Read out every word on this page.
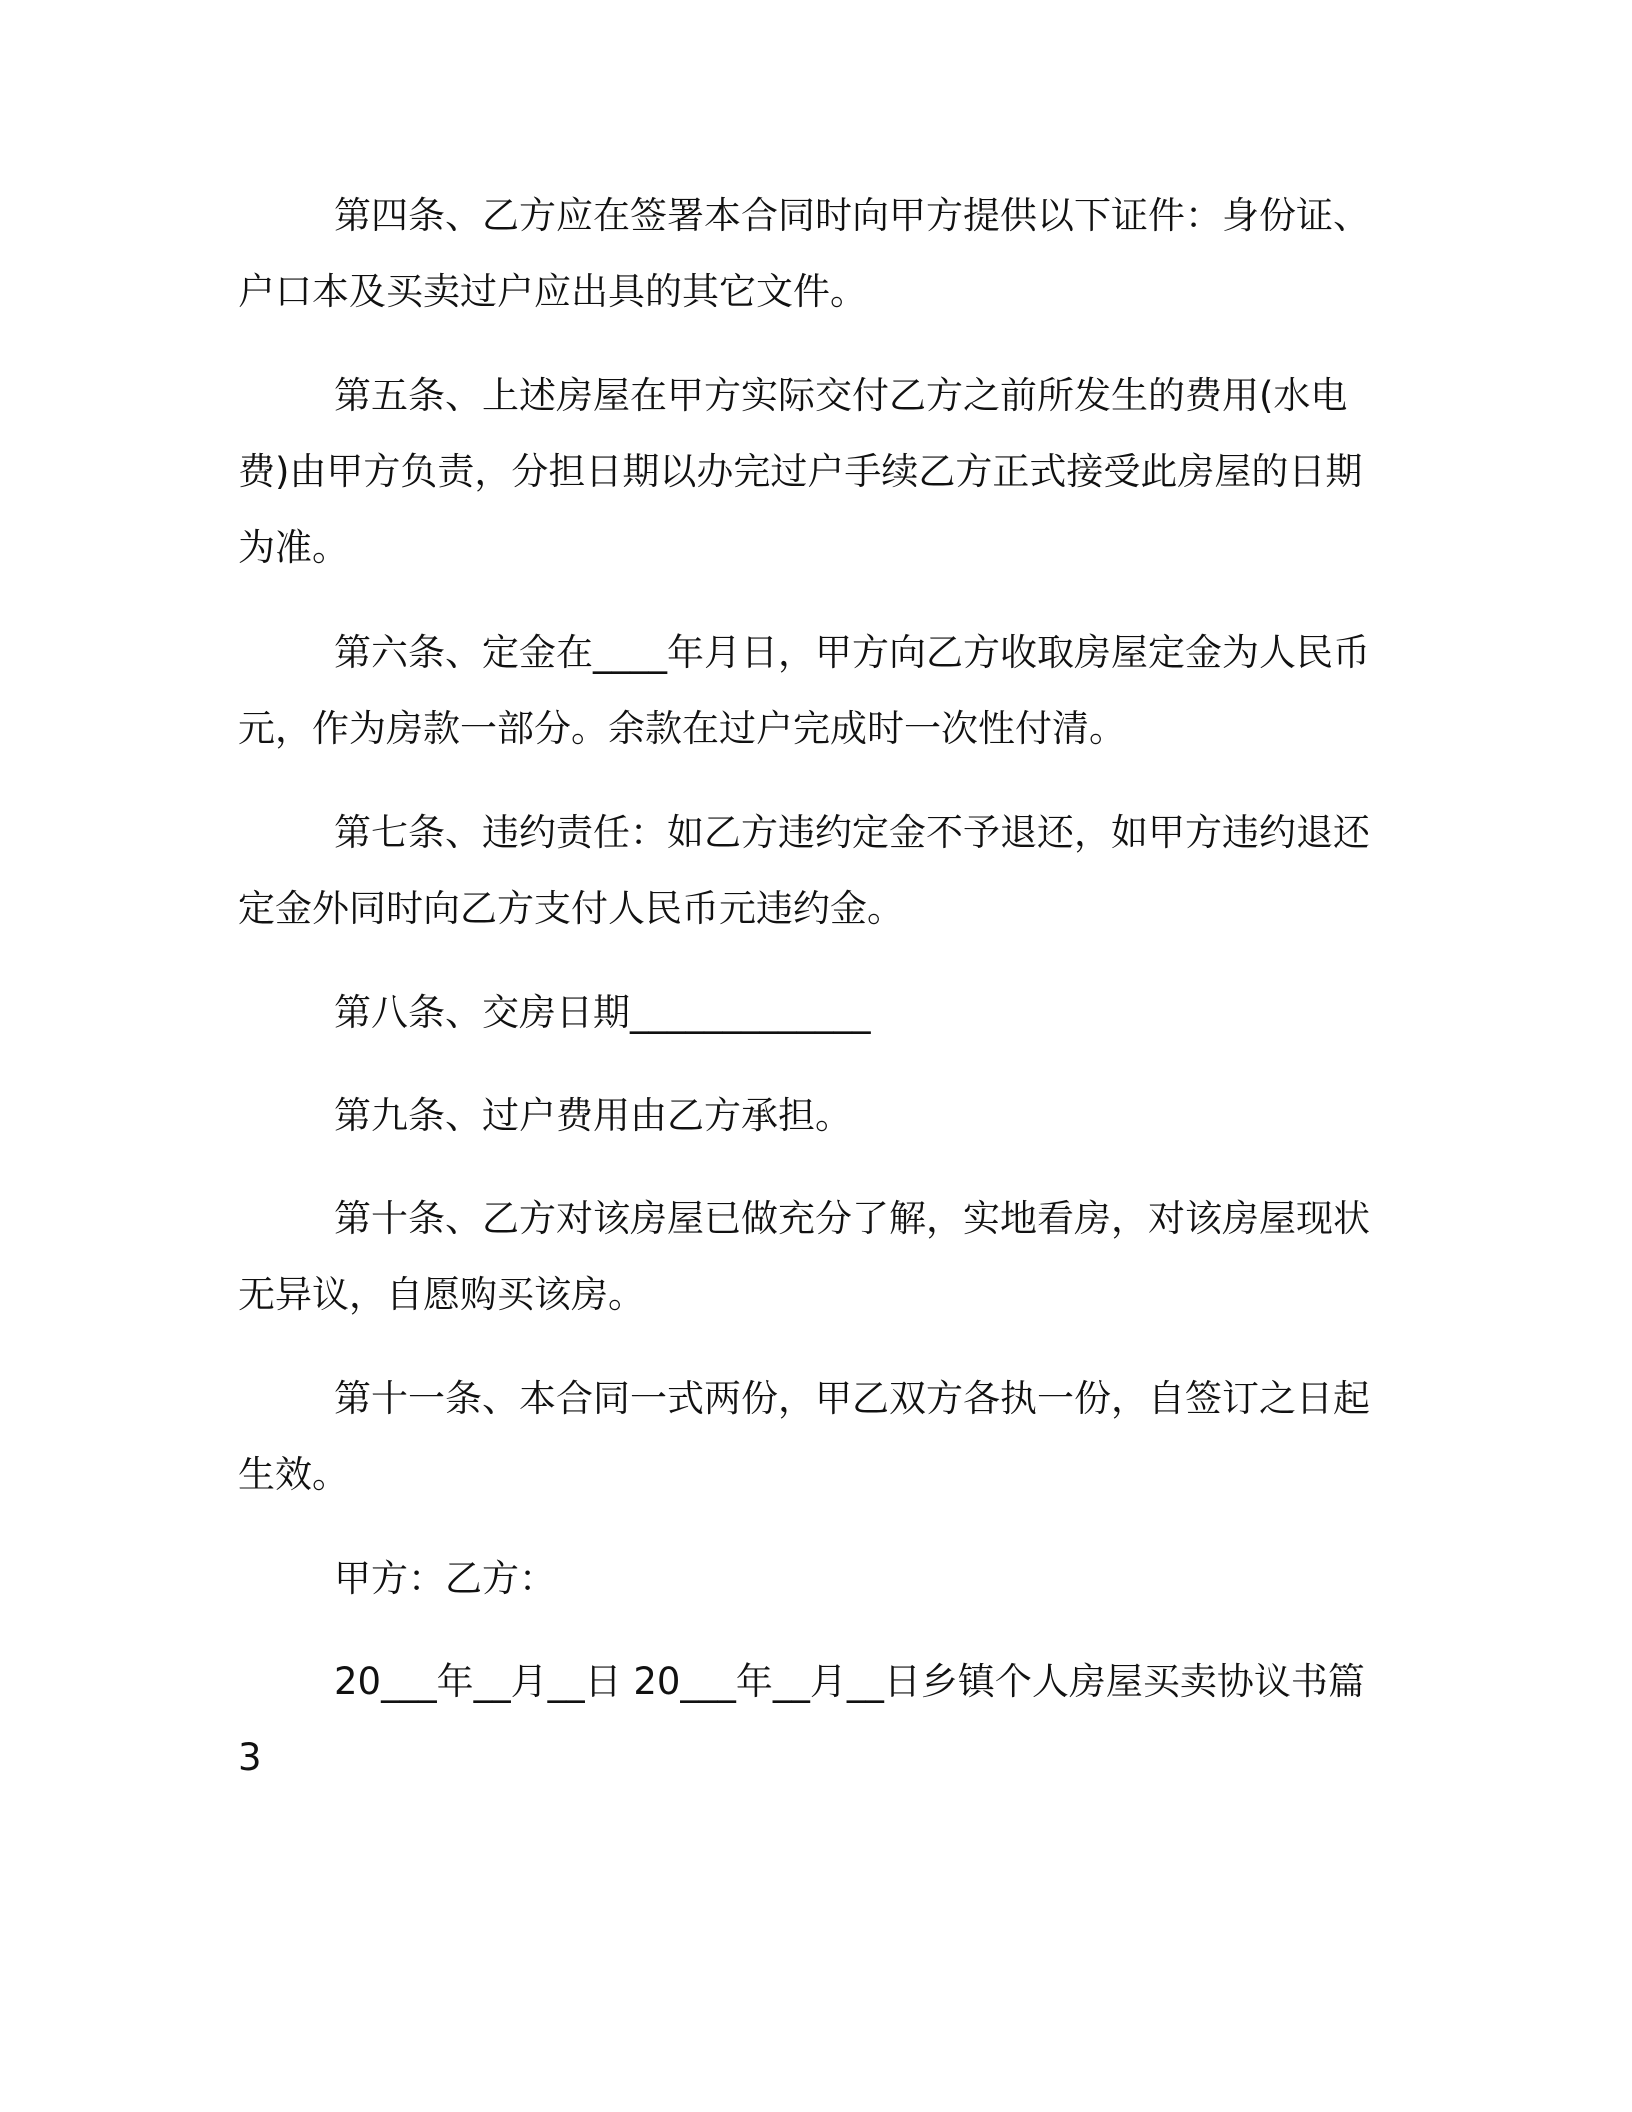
第四条、乙方应在签署本合同时向甲方提供以下证件：身份证、户口本及买卖过户应出具的其它文件。

第五条、上述房屋在甲方实际交付乙方之前所发生的费用(水电费)由甲方负责，分担日期以办完过户手续乙方正式接受此房屋的日期为准。

第六条、定金在____年月日，甲方向乙方收取房屋定金为人民币元，作为房款一部分。余款在过户完成时一次性付清。

第七条、违约责任：如乙方违约定金不予退还，如甲方违约退还定金外同时向乙方支付人民币元违约金。

第八条、交房日期_____________

第九条、过户费用由乙方承担。

第十条、乙方对该房屋已做充分了解，实地看房，对该房屋现状无异议，自愿购买该房。

第十一条、本合同一式两份，甲乙双方各执一份，自签订之日起生效。

甲方：乙方：

20___年__月__日 20___年__月__日乡镇个人房屋买卖协议书篇 3
